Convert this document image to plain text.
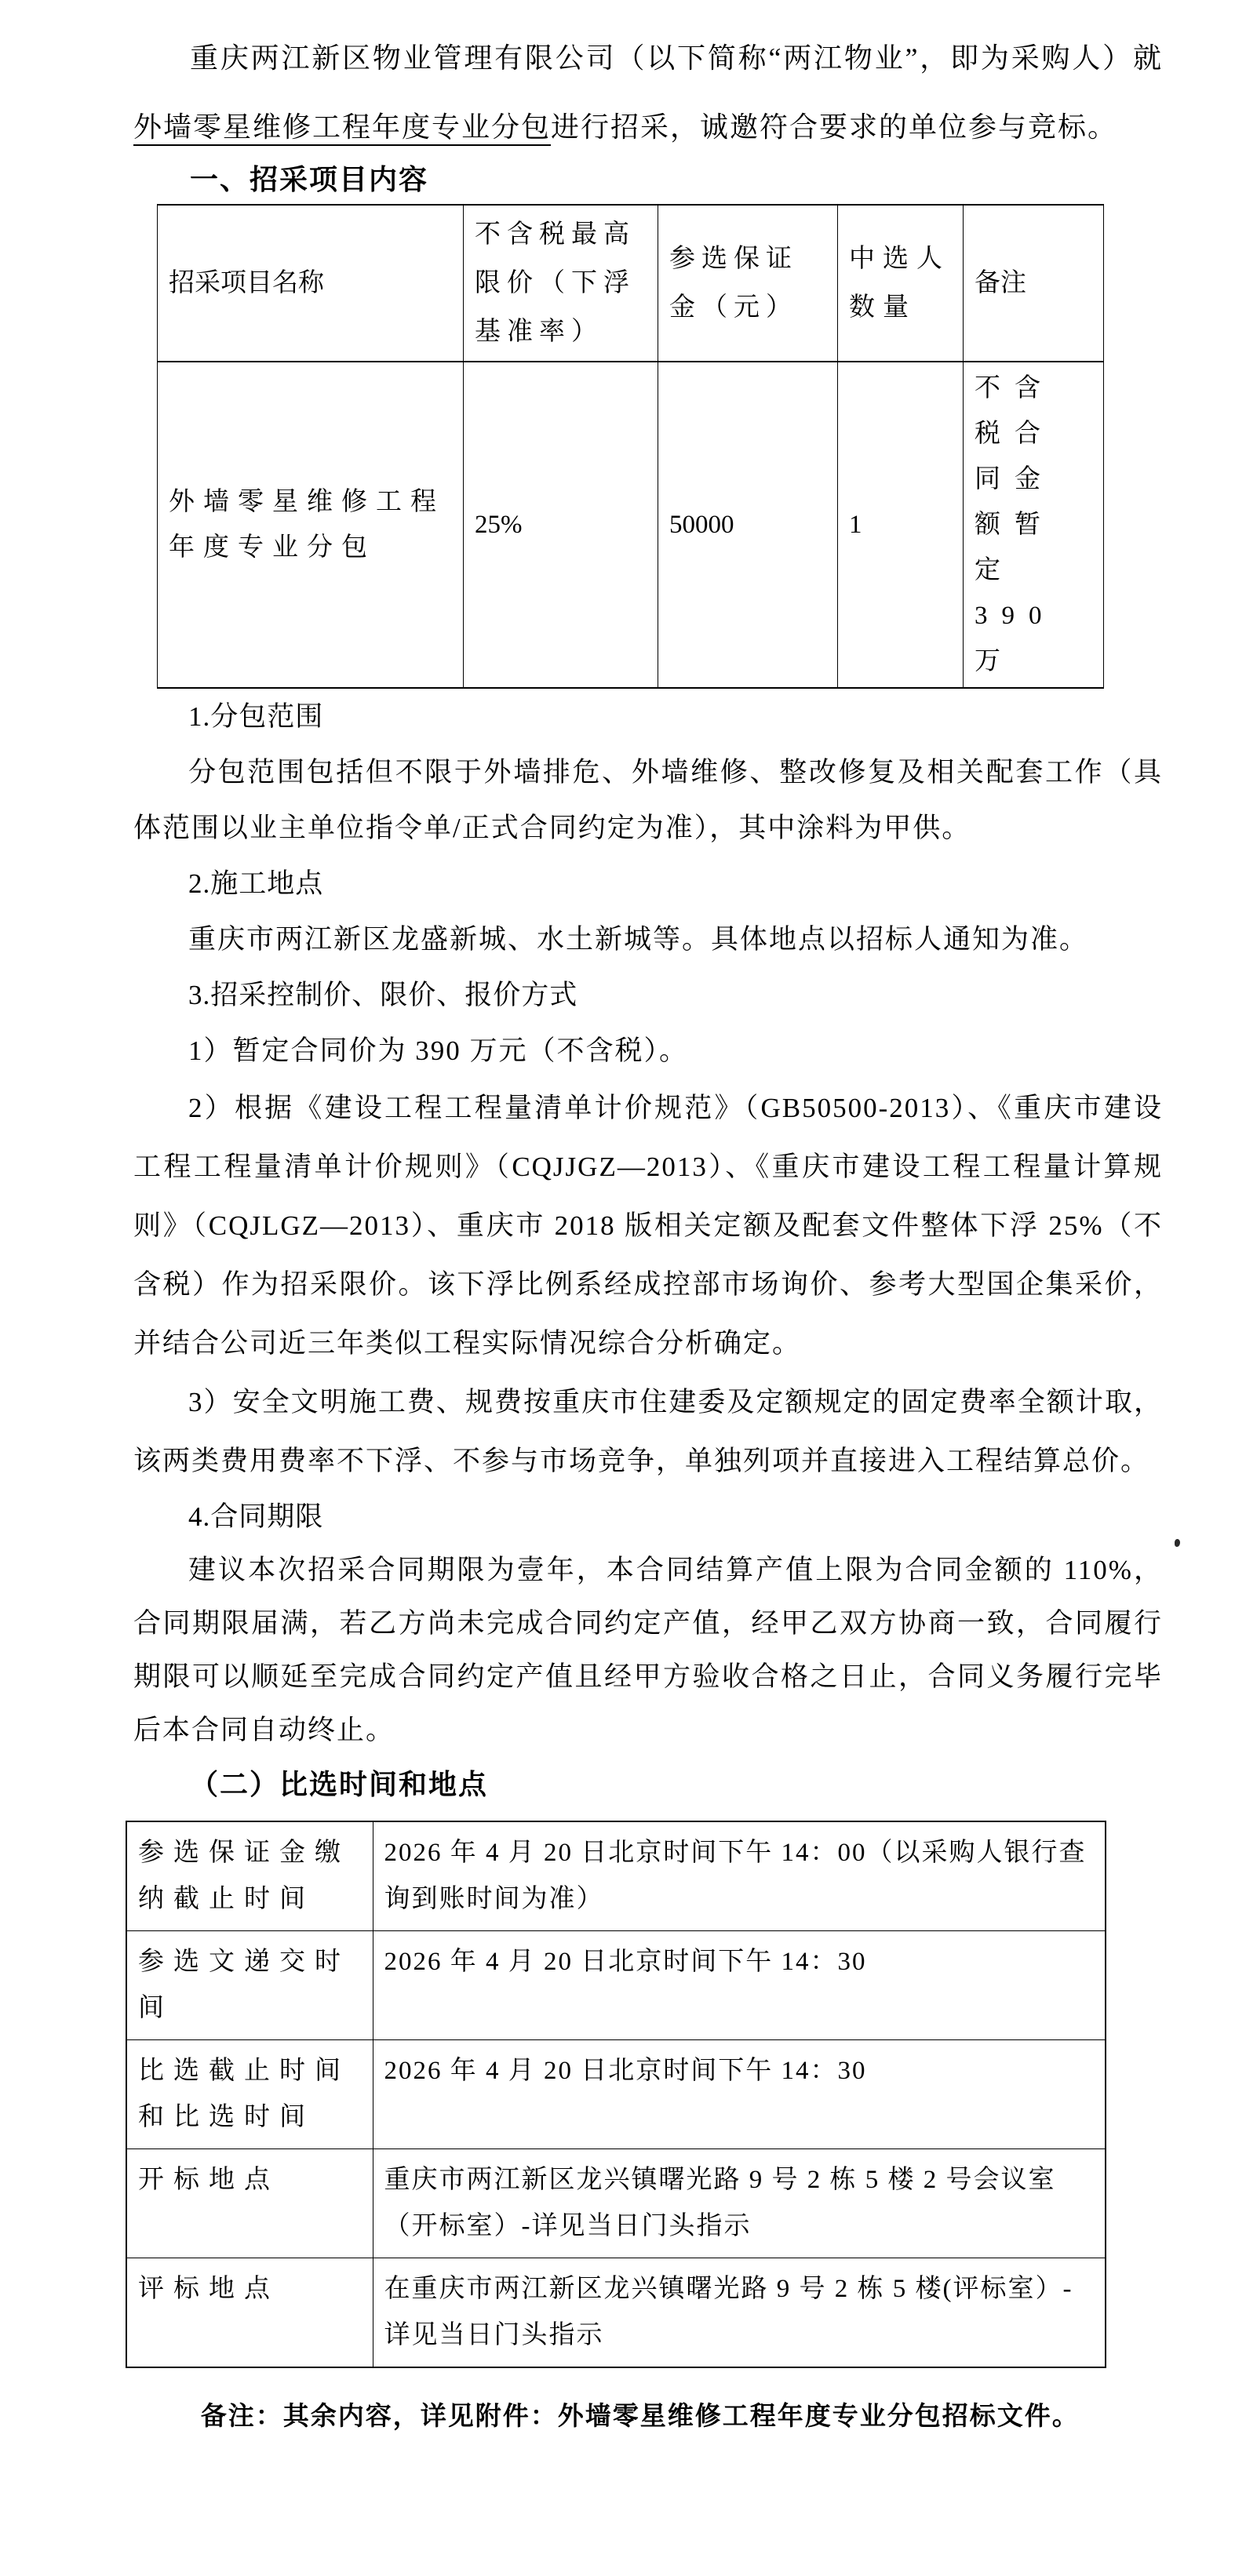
重庆两江新区物业管理有限公司（以下简称“两江物业”，即为采购人）就外墙零星维修工程年度专业分包进行招采，诚邀符合要求的单位参与竞标。

一、招采项目内容
招采项目名称	不含税最高限价（下浮基准率）	参选保证金（元）	中选人数量	备注
外墙零星维修工程年度专业分包	25%	50000	1	不含税合同金额暂定 390 万
1.分包范围

分包范围包括但不限于外墙排危、外墙维修、整改修复及相关配套工作（具体范围以业主单位指令单/正式合同约定为准），其中涂料为甲供。

2.施工地点

重庆市两江新区龙盛新城、水土新城等。具体地点以招标人通知为准。

3.招采控制价、限价、报价方式

1）暂定合同价为 390 万元（不含税）。

2）根据《建设工程工程量清单计价规范》（GB50500-2013）、《重庆市建设工程工程量清单计价规则》（CQJJGZ—2013）、《重庆市建设工程工程量计算规则》（CQJLGZ—2013）、重庆市 2018 版相关定额及配套文件整体下浮 25%（不含税）作为招采限价。该下浮比例系经成控部市场询价、参考大型国企集采价，并结合公司近三年类似工程实际情况综合分析确定。

3）安全文明施工费、规费按重庆市住建委及定额规定的固定费率全额计取，该两类费用费率不下浮、不参与市场竞争，单独列项并直接进入工程结算总价。

4.合同期限

建议本次招采合同期限为壹年，本合同结算产值上限为合同金额的 110%，合同期限届满，若乙方尚未完成合同约定产值，经甲乙双方协商一致，合同履行期限可以顺延至完成合同约定产值且经甲方验收合格之日止，合同义务履行完毕后本合同自动终止。

（二）比选时间和地点
参选保证金缴纳截止时间	2026 年 4 月 20 日北京时间下午 14：00（以采购人银行查询到账时间为准）
参选文递交时间	2026 年 4 月 20 日北京时间下午 14：30
比选截止时间和比选时间	2026 年 4 月 20 日北京时间下午 14：30
开标地点	重庆市两江新区龙兴镇曙光路 9 号 2 栋 5 楼 2 号会议室（开标室）-详见当日门头指示
评标地点	在重庆市两江新区龙兴镇曙光路 9 号 2 栋 5 楼(评标室）-详见当日门头指示

备注：其余内容，详见附件：外墙零星维修工程年度专业分包招标文件。
